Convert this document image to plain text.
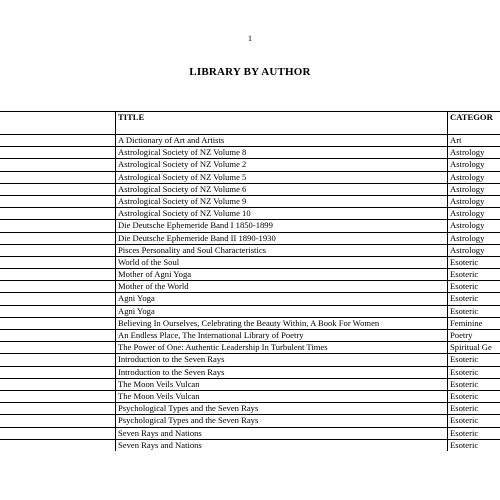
1
LIBRARY BY AUTHOR
	TITLE	CATEGOR
	A Dictionary of Art and Artists	Art
	Astrological Society of NZ Volume 8	Astrology
	Astrological Society of NZ Volume 2	Astrology
	Astrological Society of NZ Volume 5	Astrology
	Astrological Society of NZ Volume 6	Astrology
	Astrological Society of NZ Volume 9	Astrology
	Astrological Society of NZ Volume 10	Astrology
	Die Deutsche Ephemeride Band I 1850-1899	Astrology
	Die Deutsche Ephemeride Band II 1890-1930	Astrology
	Pisces Personality and Soul Characteristics	Astrology
	World of the Soul	Esoteric
	Mother of Agni Yoga	Esoteric
	Mother of the World	Esoteric
	Agni Yoga	Esoteric
	Agni Yoga	Esoteric
	Believing In Ourselves, Celebrating the Beauty Within, A Book For Women	Feminine
	An Endless Place, The International Library of Poetry	Poetry
	The Power of One: Authentic Leadership In Turbulent Times	Spiritual Ge
	Introduction to the Seven Rays	Esoteric
	Introduction to the Seven Rays	Esoteric
	The Moon Veils Vulcan	Esoteric
	The Moon Veils Vulcan	Esoteric
	Psychological Types and the Seven Rays	Esoteric
	Psychological Types and the Seven Rays	Esoteric
	Seven Rays and Nations	Esoteric
	Seven Rays and Nations	Esoteric
